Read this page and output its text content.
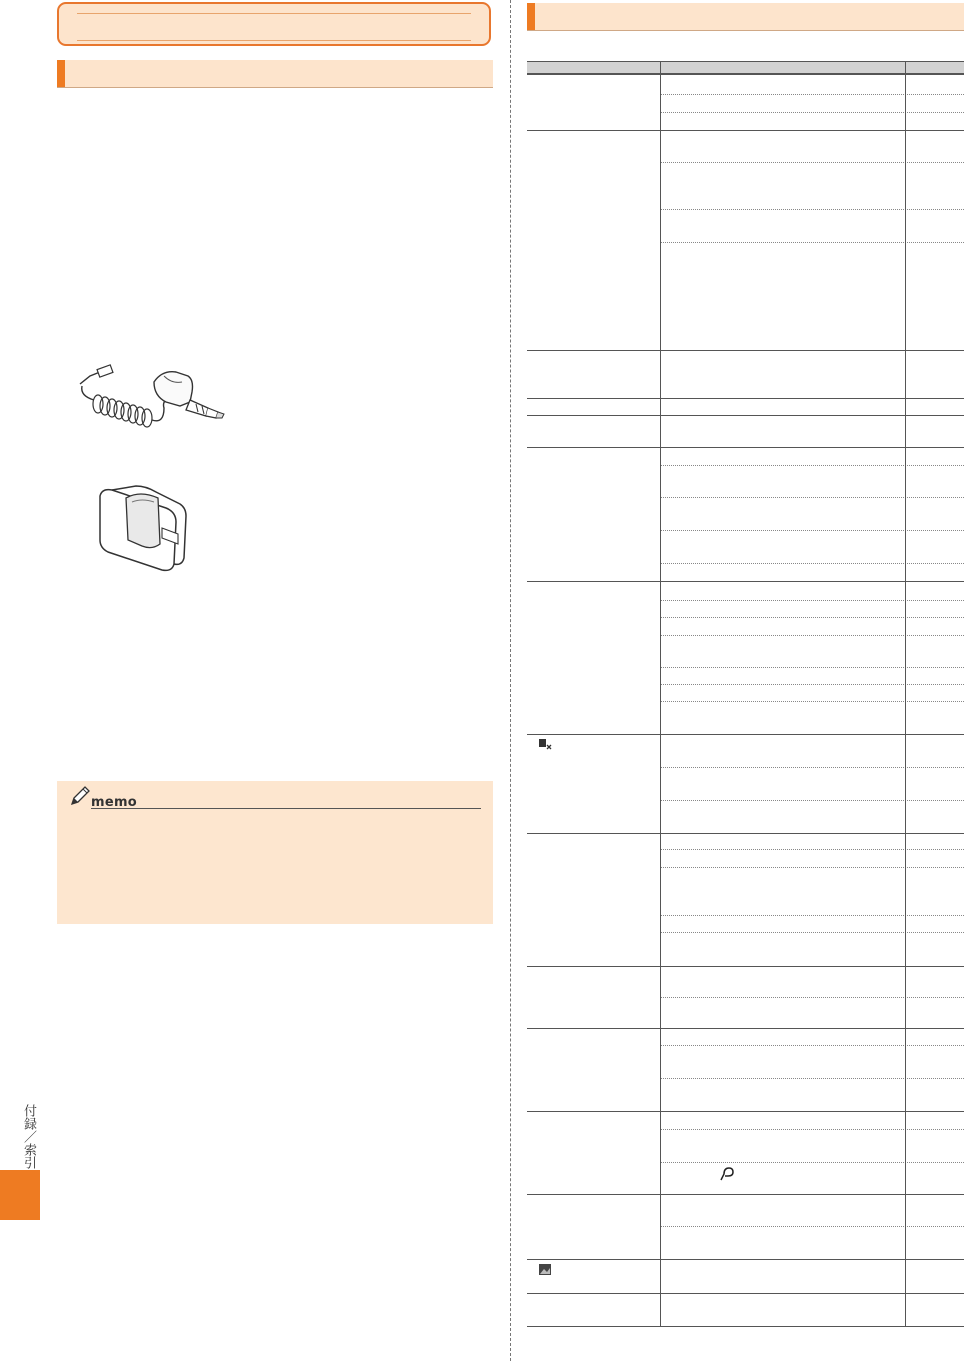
memo
付録／索引
